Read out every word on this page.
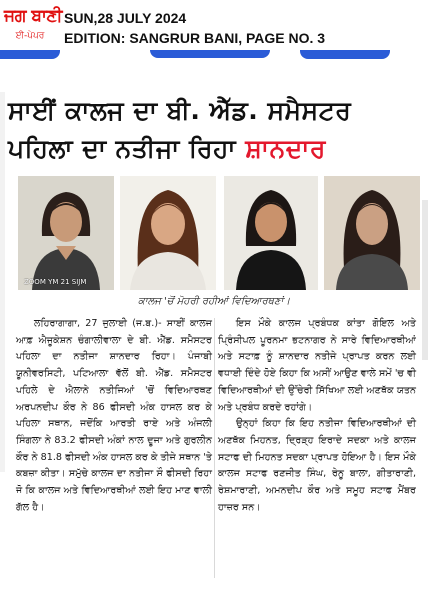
ਜਗ ਬਾਣੀ
ਈ-ਪੇਪਰ
SUN,28 JULY 2024
EDITION: SANGRUR BANI, PAGE NO. 3
ਸਾਈਂ ਕਾਲਜ ਦਾ ਬੀ. ਐੱਡ. ਸਮੈਸਟਰ
ਪਹਿਲਾ ਦਾ ਨਤੀਜਾ ਰਿਹਾ ਸ਼ਾਨਦਾਰ
ZOOM YM 21 SIJM
ਕਾਲਜ 'ਚੋਂ ਮੋਹਰੀ ਰਹੀਆਂ ਵਿਦਿਆਰਥਣਾਂ।

ਲਹਿਰਾਗਾਗਾ, 27 ਜੁਲਾਈ (ਜ.ਬ.)- ਸਾਈਂ ਕਾਲਜ ਆਫ਼ ਐਜੂਕੇਸ਼ਨ ਚੰਗਾਲੀਵਾਲਾ ਦੇ ਬੀ. ਐੱਡ. ਸਮੈਸਟਰ ਪਹਿਲਾ ਦਾ ਨਤੀਜਾ ਸ਼ਾਨਦਾਰ ਰਿਹਾ। ਪੰਜਾਬੀ ਯੂਨੀਵਰਸਿਟੀ, ਪਟਿਆਲਾ ਵੱਲੋਂ ਬੀ. ਐੱਡ. ਸਮੈਸਟਰ ਪਹਿਲੇ ਦੇ ਐਲਾਨੇ ਨਤੀਜਿਆਂ 'ਚੋਂ ਵਿਦਿਆਰਥਣ ਅਰਪਨਦੀਪ ਕੌਰ ਨੇ 86 ਫੀਸਦੀ ਅੰਕ ਹਾਸਲ ਕਰ ਕੇ ਪਹਿਲਾ ਸਥਾਨ, ਜਦੋਂਕਿ ਆਰਤੀ ਰਾਏ ਅਤੇ ਅੰਜਲੀ ਸਿੰਗਲਾ ਨੇ 83.2 ਫੀਸਦੀ ਅੰਕਾਂ ਨਾਲ ਦੂਜਾ ਅਤੇ ਗੁਰਲੀਨ ਕੌਰ ਨੇ 81.8 ਫੀਸਦੀ ਅੰਕ ਹਾਸਲ ਕਰ ਕੇ ਤੀਜੇ ਸਥਾਨ 'ਤੇ ਕਬਜ਼ਾ ਕੀਤਾ। ਸਮੁੱਚੇ ਕਾਲਜ ਦਾ ਨਤੀਜਾ ਸੌ ਫੀਸਦੀ ਰਿਹਾ ਜੋ ਕਿ ਕਾਲਜ ਅਤੇ ਵਿਦਿਆਰਥੀਆਂ ਲਈ ਇਹ ਮਾਣ ਵਾਲੀ ਗੱਲ ਹੈ।

ਇਸ ਮੌਕੇ ਕਾਲਜ ਪ੍ਰਬੰਧਕ ਕਾਂਤਾ ਗੋਇਲ ਅਤੇ ਪ੍ਰਿੰਸੀਪਲ ਪੂਰਨਮਾ ਭਟਨਾਗਰ ਨੇ ਸਾਰੇ ਵਿਦਿਆਰਥੀਆਂ ਅਤੇ ਸਟਾਫ਼ ਨੂੰ ਸ਼ਾਨਦਾਰ ਨਤੀਜੇ ਪ੍ਰਾਪਤ ਕਰਨ ਲਈ ਵਧਾਈ ਦਿੰਦੇ ਹੋਏ ਕਿਹਾ ਕਿ ਅਸੀਂ ਆਉਣ ਵਾਲੇ ਸਮੇਂ 'ਚ ਵੀ ਵਿਦਿਆਰਥੀਆਂ ਦੀ ਉੱਚੇਰੀ ਸਿੱਖਿਆ ਲਈ ਅਣਥੱਕ ਯਤਨ ਅਤੇ ਪ੍ਰਬੰਧ ਕਰਦੇ ਰਹਾਂਗੇ।

ਉਨ੍ਹਾਂ ਕਿਹਾ ਕਿ ਇਹ ਨਤੀਜਾ ਵਿਦਿਆਰਥੀਆਂ ਦੀ ਅਣਥੱਕ ਮਿਹਨਤ, ਦ੍ਰਿੜ੍ਹ ਇਰਾਦੇ ਸਦਕਾ ਅਤੇ ਕਾਲਜ ਸਟਾਫ ਦੀ ਮਿਹਨਤ ਸਦਕਾ ਪ੍ਰਾਪਤ ਹੋਇਆ ਹੈ। ਇਸ ਮੌਕੇ ਕਾਲਜ ਸਟਾਫ ਰਣਜੀਤ ਸਿੰਘ, ਰੇਨੂ ਬਾਲਾ, ਗੀਤਾਰਾਣੀ, ਰੇਸ਼ਮਾਰਾਣੀ, ਅਮਨਦੀਪ ਕੌਰ ਅਤੇ ਸਮੂਹ ਸਟਾਫ ਮੈਂਬਰ ਹਾਜ਼ਰ ਸਨ।
